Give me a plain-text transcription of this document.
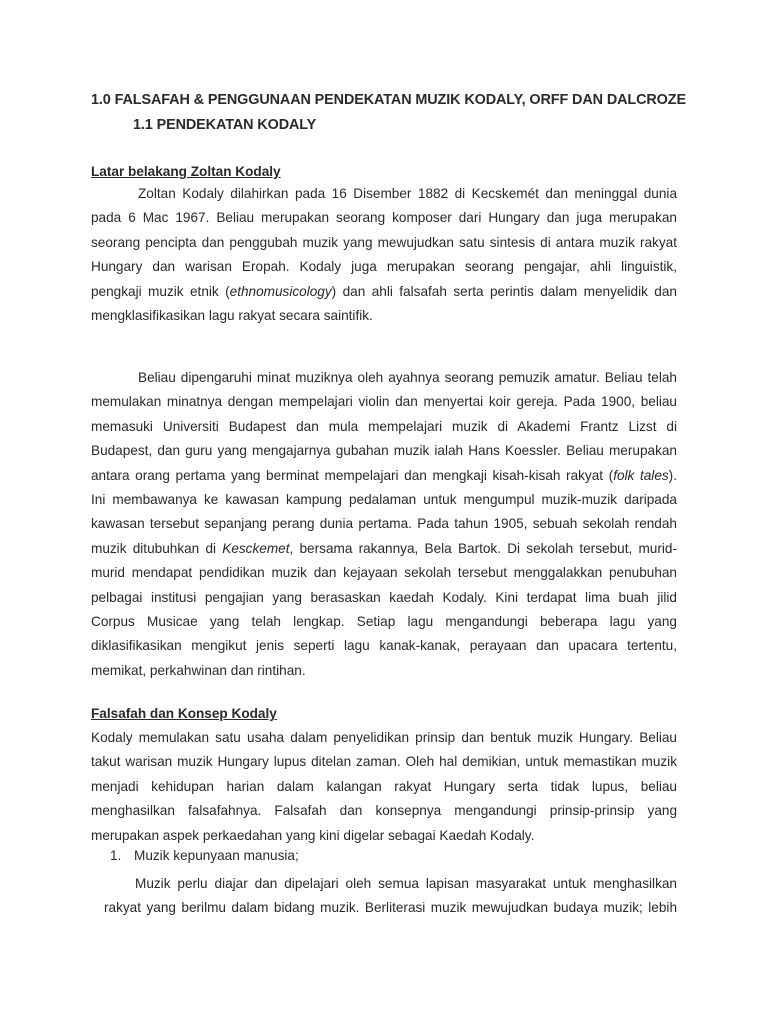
1.0 FALSAFAH & PENGGUNAAN PENDEKATAN MUZIK KODALY, ORFF DAN DALCROZE
1.1 PENDEKATAN KODALY
Latar belakang Zoltan Kodaly
Zoltan Kodaly dilahirkan pada 16 Disember 1882 di Kecskemét dan meninggal dunia
pada 6 Mac 1967. Beliau merupakan seorang komposer dari Hungary dan juga merupakan
seorang pencipta dan penggubah muzik yang mewujudkan satu sintesis di antara muzik rakyat
Hungary dan warisan Eropah. Kodaly juga merupakan seorang pengajar, ahli linguistik,
pengkaji muzik etnik (ethnomusicology) dan ahli falsafah serta perintis dalam menyelidik dan
mengklasifikasikan lagu rakyat secara saintifik.
Beliau dipengaruhi minat muziknya oleh ayahnya seorang pemuzik amatur. Beliau telah
memulakan minatnya dengan mempelajari violin dan menyertai koir gereja. Pada 1900, beliau
memasuki Universiti Budapest dan mula mempelajari muzik di Akademi Frantz Lizst di
Budapest, dan guru yang mengajarnya gubahan muzik ialah Hans Koessler. Beliau merupakan
antara orang pertama yang berminat mempelajari dan mengkaji kisah-kisah rakyat (folk tales).
Ini membawanya ke kawasan kampung pedalaman untuk mengumpul muzik-muzik daripada
kawasan tersebut sepanjang perang dunia pertama. Pada tahun 1905, sebuah sekolah rendah
muzik ditubuhkan di Kesckemet, bersama rakannya, Bela Bartok. Di sekolah tersebut, murid-
murid mendapat pendidikan muzik dan kejayaan sekolah tersebut menggalakkan penubuhan
pelbagai institusi pengajian yang berasaskan kaedah Kodaly. Kini terdapat lima buah jilid
Corpus Musicae yang telah lengkap. Setiap lagu mengandungi beberapa lagu yang
diklasifikasikan mengikut jenis seperti lagu kanak-kanak, perayaan dan upacara tertentu,
memikat, perkahwinan dan rintihan.
Falsafah dan Konsep Kodaly
Kodaly memulakan satu usaha dalam penyelidikan prinsip dan bentuk muzik Hungary. Beliau
takut warisan muzik Hungary lupus ditelan zaman. Oleh hal demikian, untuk memastikan muzik
menjadi kehidupan harian dalam kalangan rakyat Hungary serta tidak lupus, beliau
menghasilkan falsafahnya. Falsafah dan konsepnya mengandungi prinsip-prinsip yang
merupakan aspek perkaedahan yang kini digelar sebagai Kaedah Kodaly.
1. Muzik kepunyaan manusia;
Muzik perlu diajar dan dipelajari oleh semua lapisan masyarakat untuk menghasilkan
rakyat yang berilmu dalam bidang muzik. Berliterasi muzik mewujudkan budaya muzik; lebih
